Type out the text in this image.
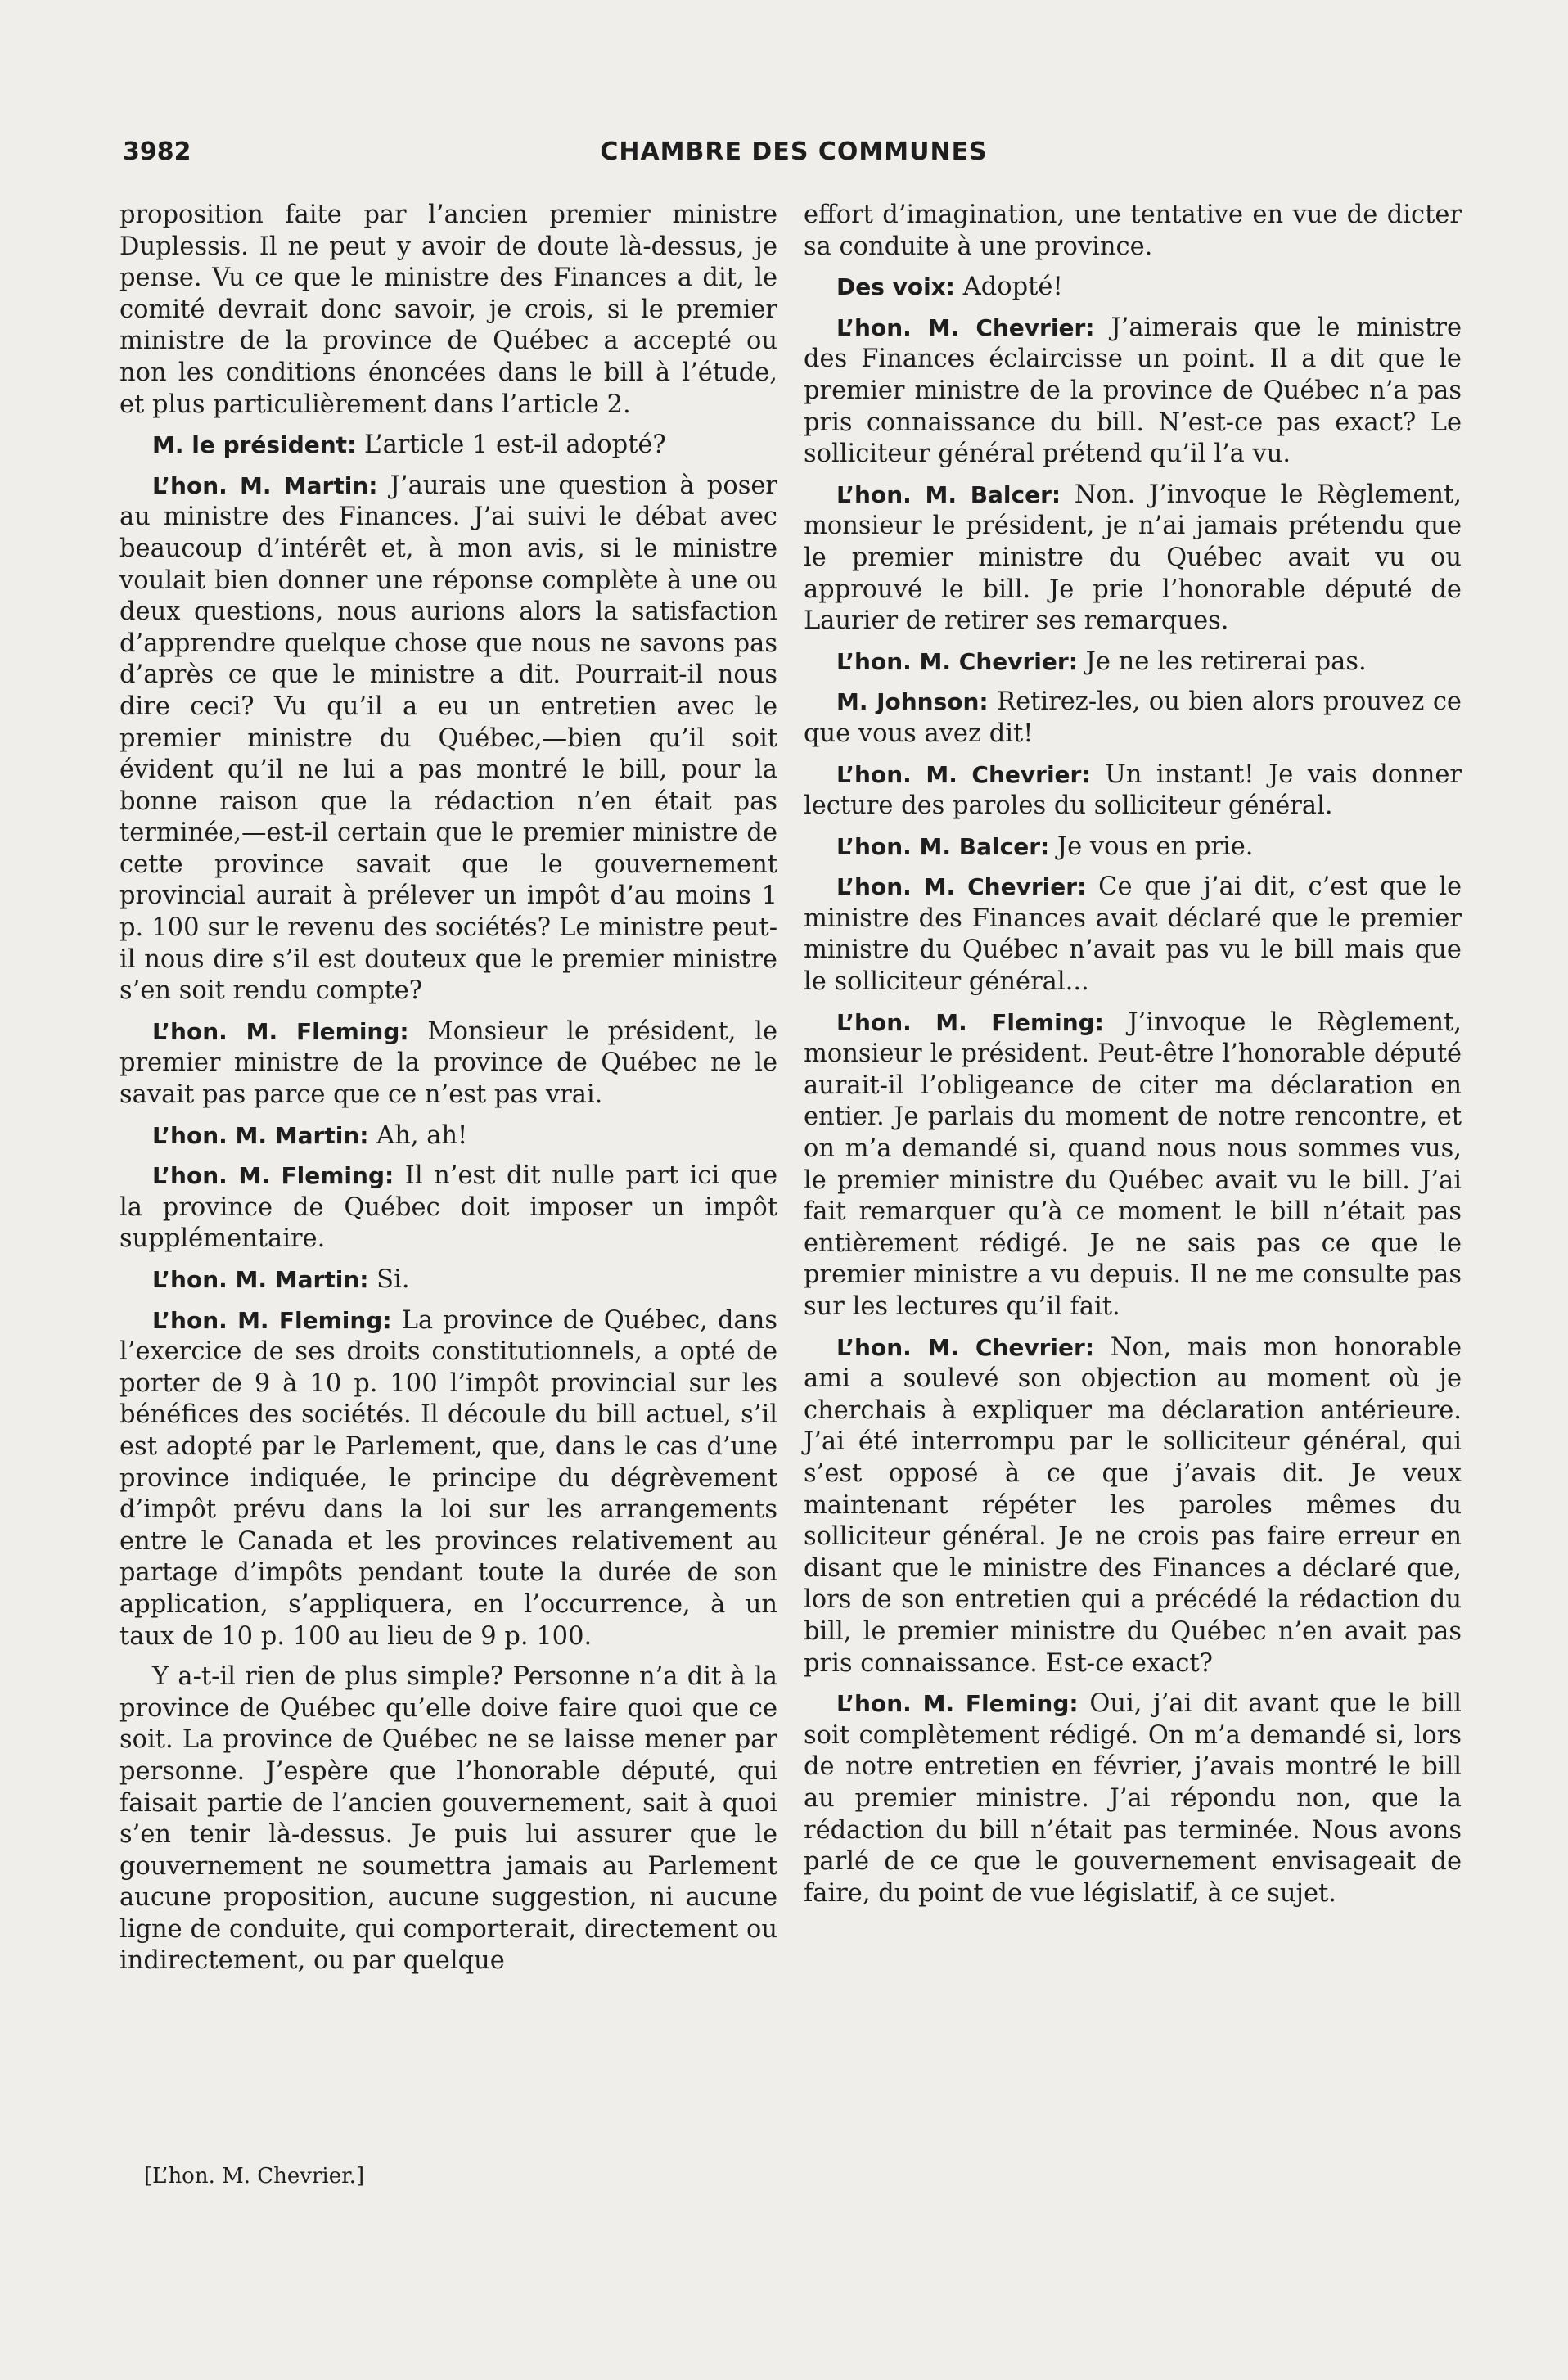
3982	CHAMBRE DES COMMUNES

proposition faite par l’ancien premier ministre Duplessis. Il ne peut y avoir de doute là-dessus, je pense. Vu ce que le ministre des Finances a dit, le comité devrait donc savoir, je crois, si le premier ministre de la province de Québec a accepté ou non les conditions énoncées dans le bill à l’étude, et plus particulièrement dans l’article 2.

M. le président: L’article 1 est-il adopté?

L’hon. M. Martin: J’aurais une question à poser au ministre des Finances. J’ai suivi le débat avec beaucoup d’intérêt et, à mon avis, si le ministre voulait bien donner une réponse complète à une ou deux questions, nous aurions alors la satisfaction d’apprendre quelque chose que nous ne savons pas d’après ce que le ministre a dit. Pourrait-il nous dire ceci? Vu qu’il a eu un entretien avec le premier ministre du Québec,—bien qu’il soit évident qu’il ne lui a pas montré le bill, pour la bonne raison que la rédaction n’en était pas terminée,—est-il certain que le premier ministre de cette province savait que le gouvernement provincial aurait à prélever un impôt d’au moins 1 p. 100 sur le revenu des sociétés? Le ministre peut-il nous dire s’il est douteux que le premier ministre s’en soit rendu compte?

L’hon. M. Fleming: Monsieur le président, le premier ministre de la province de Québec ne le savait pas parce que ce n’est pas vrai.

L’hon. M. Martin: Ah, ah!

L’hon. M. Fleming: Il n’est dit nulle part ici que la province de Québec doit imposer un impôt supplémentaire.

L’hon. M. Martin: Si.

L’hon. M. Fleming: La province de Québec, dans l’exercice de ses droits constitutionnels, a opté de porter de 9 à 10 p. 100 l’impôt provincial sur les bénéfices des sociétés. Il découle du bill actuel, s’il est adopté par le Parlement, que, dans le cas d’une province indiquée, le principe du dégrèvement d’impôt prévu dans la loi sur les arrangements entre le Canada et les provinces relativement au partage d’impôts pendant toute la durée de son application, s’appliquera, en l’occurrence, à un taux de 10 p. 100 au lieu de 9 p. 100.

Y a-t-il rien de plus simple? Personne n’a dit à la province de Québec qu’elle doive faire quoi que ce soit. La province de Québec ne se laisse mener par personne. J’espère que l’honorable député, qui faisait partie de l’ancien gouvernement, sait à quoi s’en tenir là-dessus. Je puis lui assurer que le gouvernement ne soumettra jamais au Parlement aucune proposition, aucune suggestion, ni aucune ligne de conduite, qui comporterait, directement ou indirectement, ou par quelque

effort d’imagination, une tentative en vue de dicter sa conduite à une province.

Des voix: Adopté!

L’hon. M. Chevrier: J’aimerais que le ministre des Finances éclaircisse un point. Il a dit que le premier ministre de la province de Québec n’a pas pris connaissance du bill. N’est-ce pas exact? Le solliciteur général prétend qu’il l’a vu.

L’hon. M. Balcer: Non. J’invoque le Règlement, monsieur le président, je n’ai jamais prétendu que le premier ministre du Québec avait vu ou approuvé le bill. Je prie l’honorable député de Laurier de retirer ses remarques.

L’hon. M. Chevrier: Je ne les retirerai pas.

M. Johnson: Retirez-les, ou bien alors prouvez ce que vous avez dit!

L’hon. M. Chevrier: Un instant! Je vais donner lecture des paroles du solliciteur général.

L’hon. M. Balcer: Je vous en prie.

L’hon. M. Chevrier: Ce que j’ai dit, c’est que le ministre des Finances avait déclaré que le premier ministre du Québec n’avait pas vu le bill mais que le solliciteur général...

L’hon. M. Fleming: J’invoque le Règlement, monsieur le président. Peut-être l’honorable député aurait-il l’obligeance de citer ma déclaration en entier. Je parlais du moment de notre rencontre, et on m’a demandé si, quand nous nous sommes vus, le premier ministre du Québec avait vu le bill. J’ai fait remarquer qu’à ce moment le bill n’était pas entièrement rédigé. Je ne sais pas ce que le premier ministre a vu depuis. Il ne me consulte pas sur les lectures qu’il fait.

L’hon. M. Chevrier: Non, mais mon honorable ami a soulevé son objection au moment où je cherchais à expliquer ma déclaration antérieure. J’ai été interrompu par le solliciteur général, qui s’est opposé à ce que j’avais dit. Je veux maintenant répéter les paroles mêmes du solliciteur général. Je ne crois pas faire erreur en disant que le ministre des Finances a déclaré que, lors de son entretien qui a précédé la rédaction du bill, le premier ministre du Québec n’en avait pas pris connaissance. Est-ce exact?

L’hon. M. Fleming: Oui, j’ai dit avant que le bill soit complètement rédigé. On m’a demandé si, lors de notre entretien en février, j’avais montré le bill au premier ministre. J’ai répondu non, que la rédaction du bill n’était pas terminée. Nous avons parlé de ce que le gouvernement envisageait de faire, du point de vue législatif, à ce sujet.

[L’hon. M. Chevrier.]
